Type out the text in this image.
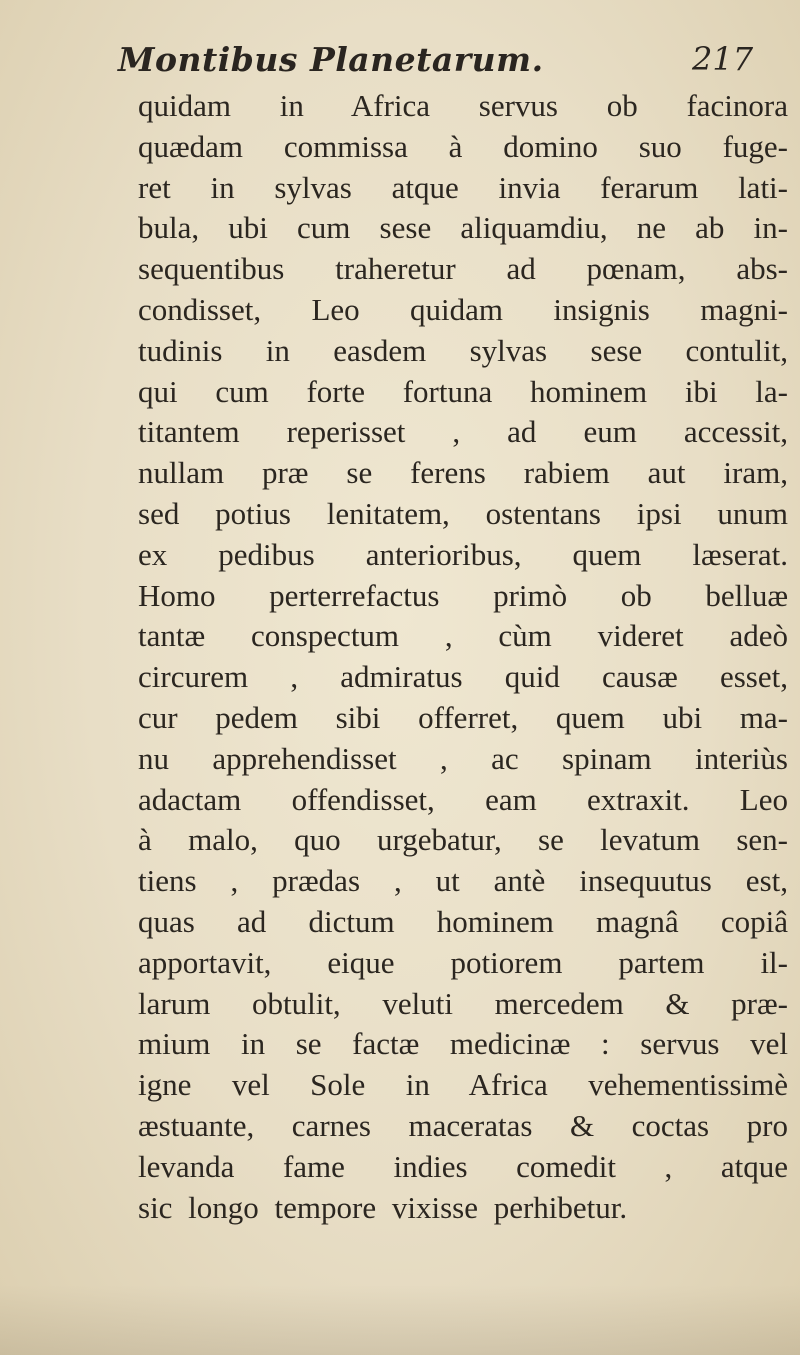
Montibus Planetarum.	217
quidam in Africa servus ob facinora
quædam commissa à domino suo fuge-
ret in sylvas atque invia ferarum lati-
bula, ubi cum sese aliquamdiu, ne ab in-
sequentibus traheretur ad pœnam, abs-
condisset, Leo quidam insignis magni-
tudinis in easdem sylvas sese contulit,
qui cum forte fortuna hominem ibi la-
titantem reperisset , ad eum accessit,
nullam præ se ferens rabiem aut iram,
sed potius lenitatem, ostentans ipsi unum
ex pedibus anterioribus, quem læserat.
Homo perterrefactus primò ob belluæ
tantæ conspectum , cùm videret adeò
circurem , admiratus quid causæ esset,
cur pedem sibi offerret, quem ubi ma-
nu apprehendisset , ac spinam interiùs
adactam offendisset, eam extraxit. Leo
à malo, quo urgebatur, se levatum sen-
tiens , prædas , ut antè insequutus est,
quas ad dictum hominem magnâ copiâ
apportavit, eique potiorem partem il-
larum obtulit, veluti mercedem & præ-
mium in se factæ medicinæ : servus vel
igne vel Sole in Africa vehementissimè
æstuante, carnes maceratas & coctas pro
levanda fame indies comedit , atque
sic longo tempore vixisse perhibetur.
